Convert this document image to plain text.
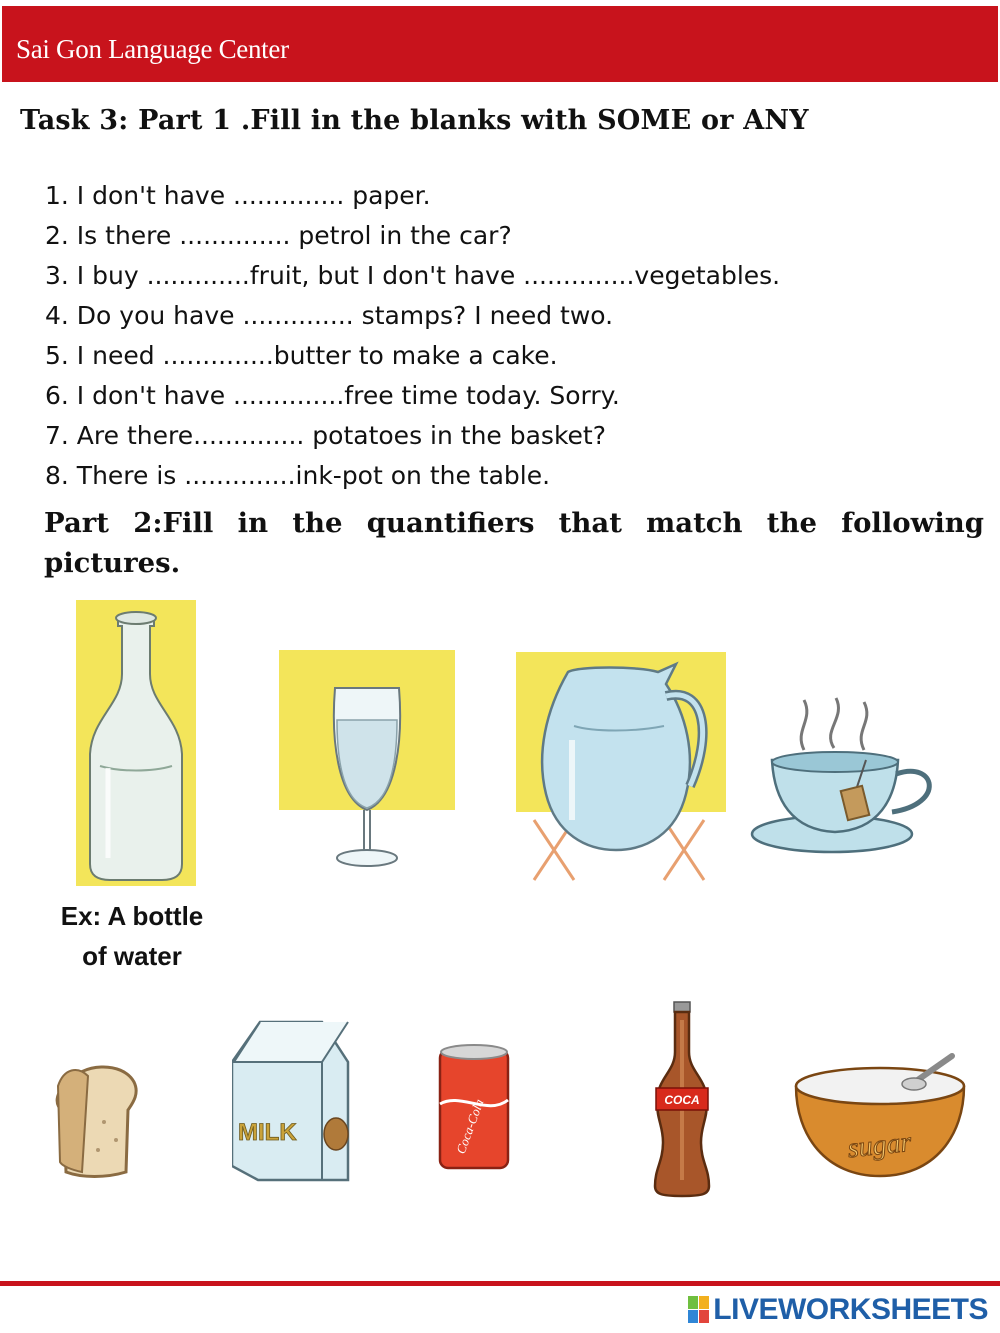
Sai Gon Language Center
Task 3: Part 1 .Fill in the blanks with SOME or ANY
1. I don't have .............. paper.
2. Is there .............. petrol in the car?
3. I buy .............fruit, but I don't have ..............vegetables.
4. Do you have .............. stamps? I need two.
5. I need ..............butter to make a cake.
6. I don't have ..............free time today. Sorry.
7. Are there.............. potatoes in the basket?
8. There is ..............ink-pot on the table.
Part 2:Fill in the quantifiers that match the following pictures.
Ex: A bottle
of water
MILK	Coca-Cola	COCA
sugar
LIVEWORKSHEETS
